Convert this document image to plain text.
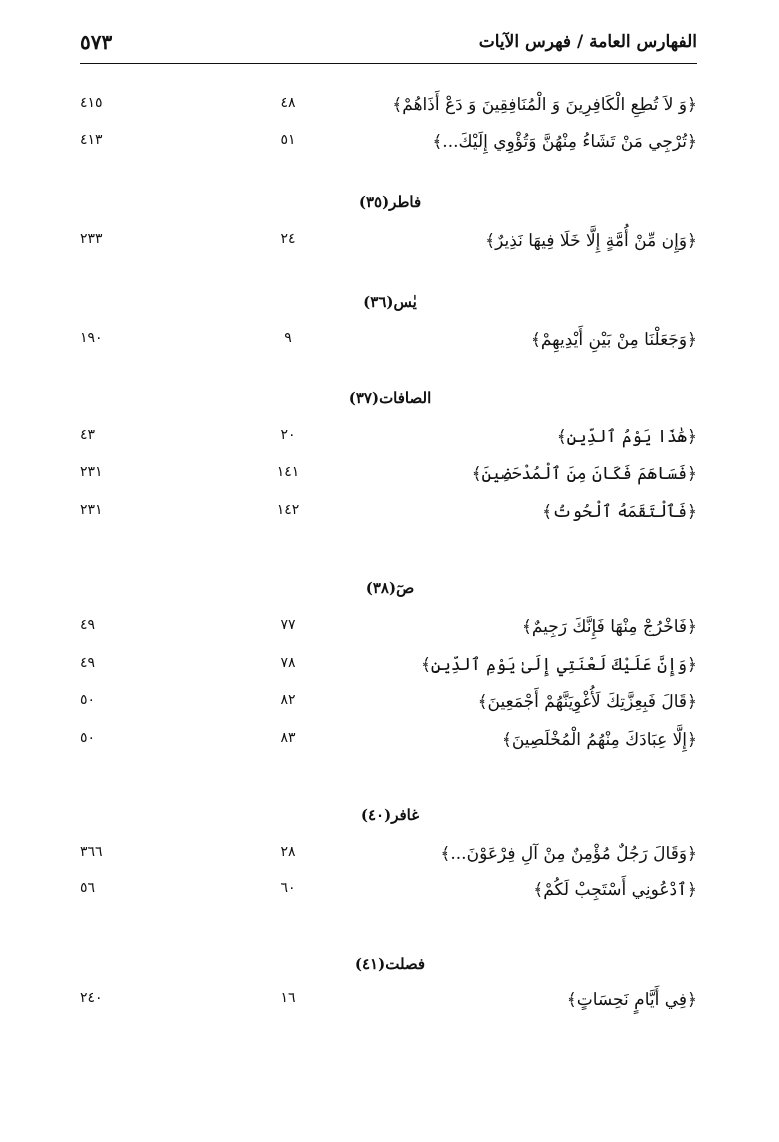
الفهارس العامة / فهرس الآيات
٥٧٣
﴿وَ لاَ تُطِعِ الْكَافِرِينَ وَ الْمُنَافِقِينَ وَ دَعْ أَذَاهُمْ﴾
٤٨
٤١٥
﴿تُرْجِي مَنْ تَشَاءُ مِنْهُنَّ وَتُؤْوِي إِلَيْكَ...﴾
٥١
٤١٣
فاطر(٣٥)
﴿وَإِن مِّنْ أُمَّةٍ إِلَّا خَلَا فِيهَا نَذِيرٌ﴾
٢٤
٢٣٣
يٰس(٣٦)
﴿وَجَعَلْنَا مِنْ بَيْنِ أَيْدِيهِمْ﴾
٩
١٩٠
الصافات(٣٧)
﴿هَٰذَا يَوْمُ ٱلدِّينِ﴾
٢٠
٤٣
﴿فَسَاهَمَ فَكَانَ مِنَ ٱلْمُدْحَضِينَ﴾
١٤١
٢٣١
﴿فَٱلْتَقَمَهُ ٱلْحُوتُ﴾
١٤٢
٢٣١
صٓ(٣٨)
﴿فَاخْرُجْ مِنْهَا فَإِنَّكَ رَجِيمٌ﴾
٧٧
٤٩
﴿وَإِنَّ عَلَيْكَ لَعْنَتِي إِلَىٰ يَوْمِ ٱلدِّينِ﴾
٧٨
٤٩
﴿قَالَ فَبِعِزَّتِكَ لَأُغْوِيَنَّهُمْ أَجْمَعِينَ﴾
٨٢
٥٠
﴿إِلَّا عِبَادَكَ مِنْهُمُ الْمُخْلَصِينَ﴾
٨٣
٥٠
غافر(٤٠)
﴿وَقَالَ رَجُلٌ مُؤْمِنٌ مِنْ آلِ فِرْعَوْنَ...﴾
٢٨
٣٦٦
﴿ٱدْعُونِي أَسْتَجِبْ لَكُمْ﴾
٦٠
٥٦
فصلت(٤١)
﴿فِي أَيَّامٍ نَحِسَاتٍ﴾
١٦
٢٤٠
